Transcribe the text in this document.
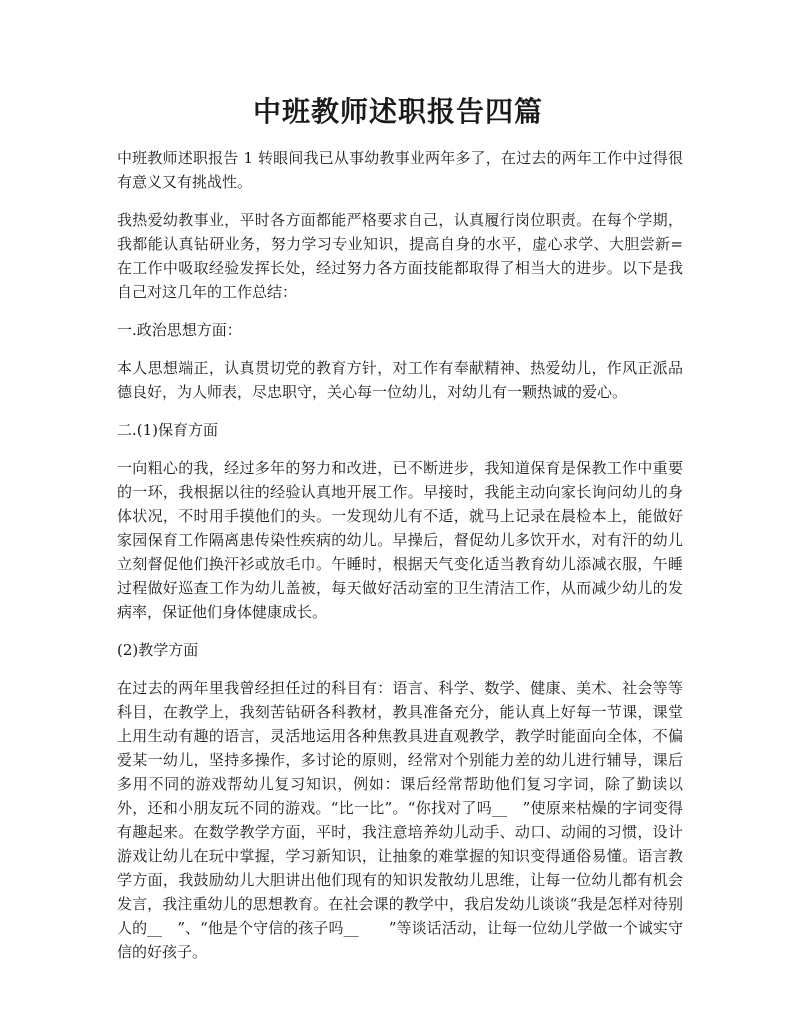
中班教师述职报告四篇

中班教师述职报告 1 转眼间我已从事幼教事业两年多了，在过去的两年工作中过得很有意义又有挑战性。

我热爱幼教事业，平时各方面都能严格要求自己，认真履行岗位职责。在每个学期，我都能认真钻研业务，努力学习专业知识，提高自身的水平，虚心求学、大胆尝新=在工作中吸取经验发挥长处，经过努力各方面技能都取得了相当大的进步。以下是我自己对这几年的工作总结：

一.政治思想方面：

本人思想端正，认真贯切党的教育方针，对工作有奉献精神、热爱幼儿，作风正派品德良好，为人师表，尽忠职守，关心每一位幼儿，对幼儿有一颗热诚的爱心。

二.(1)保育方面

一向粗心的我，经过多年的努力和改进，已不断进步，我知道保育是保教工作中重要的一环，我根据以往的经验认真地开展工作。早接时，我能主动向家长询问幼儿的身体状况，不时用手摸他们的头。一发现幼儿有不适，就马上记录在晨检本上，能做好家园保育工作隔离患传染性疾病的幼儿。早操后，督促幼儿多饮开水，对有汗的幼儿立刻督促他们换汗衫或放毛巾。午睡时，根据天气变化适当教育幼儿添减衣服，午睡过程做好巡查工作为幼儿盖被，每天做好活动室的卫生清洁工作，从而减少幼儿的发病率，保证他们身体健康成长。

(2)教学方面

在过去的两年里我曾经担任过的科目有：语言、科学、数学、健康、美术、社会等等科目，在教学上，我刻苦钻研各科教材，教具准备充分，能认真上好每一节课，课堂上用生动有趣的语言，灵活地运用各种焦教具进直观教学，教学时能面向全体，不偏爱某一幼儿，坚持多操作，多讨论的原则，经常对个别能力差的幼儿进行辅导，课后多用不同的游戏帮幼儿复习知识，例如：课后经常帮助他们复习字词，除了勤读以外，还和小朋友玩不同的游戏。“比一比”。“你找对了吗__　”使原来枯燥的字词变得有趣起来。在数学教学方面，平时，我注意培养幼儿动手、动口、动闹的习惯，设计游戏让幼儿在玩中掌握，学习新知识，让抽象的难掌握的知识变得通俗易懂。语言教学方面，我鼓励幼儿大胆讲出他们现有的知识发散幼儿思维，让每一位幼儿都有机会发言，我注重幼儿的思想教育。在社会课的教学中，我启发幼儿谈谈“我是怎样对待别人的__　”、“他是个守信的孩子吗__　　”等谈话活动，让每一位幼儿学做一个诚实守信的好孩子。
